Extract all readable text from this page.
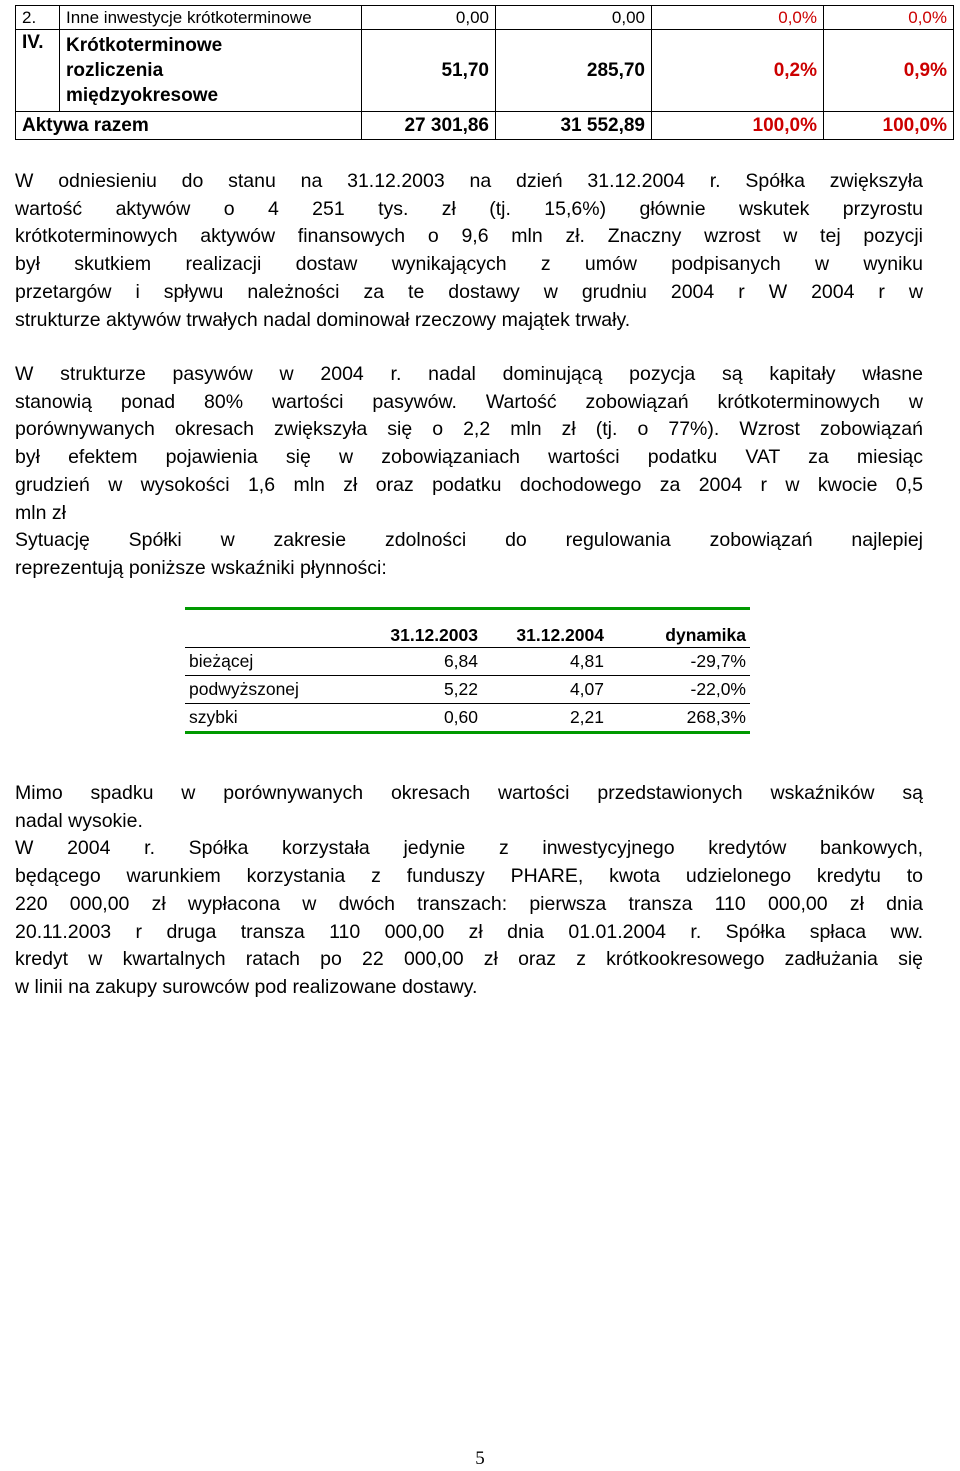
2.	Inne inwestycje krótkoterminowe	0,00	0,00	0,0%	0,0%
IV.	Krótkoterminowe
rozliczenia
międzyokresowe	51,70	285,70	0,2%	0,9%
Aktywa razem		27 301,86	31 552,89	100,0%	100,0%
W odniesieniu do stanu na 31.12.2003 na dzień 31.12.2004 r. Spółka zwiększyła
wartość aktywów o 4 251 tys. zł (tj. 15,6%) głównie wskutek przyrostu
krótkoterminowych aktywów finansowych o 9,6 mln zł. Znaczny wzrost w tej pozycji
był skutkiem realizacji dostaw wynikających z umów podpisanych w wyniku
przetargów i spływu należności za te dostawy w grudniu 2004 r W 2004 r w
strukturze aktywów trwałych nadal dominował rzeczowy majątek trwały.
W strukturze pasywów w 2004 r. nadal dominującą pozycja są kapitały własne
stanowią ponad 80% wartości pasywów. Wartość zobowiązań krótkoterminowych w
porównywanych okresach zwiększyła się o 2,2 mln zł (tj. o 77%). Wzrost zobowiązań
był efektem pojawienia się w zobowiązaniach wartości podatku VAT za miesiąc
grudzień w wysokości 1,6 mln zł oraz podatku dochodowego za 2004 r w kwocie 0,5
mln zł
Sytuację Spółki w zakresie zdolności do regulowania zobowiązań najlepiej
reprezentują poniższe wskaźniki płynności:
	31.12.2003	31.12.2004	dynamika
bieżącej	6,84	4,81	-29,7%
podwyższonej	5,22	4,07	-22,0%
szybki	0,60	2,21	268,3%
Mimo spadku w porównywanych okresach wartości przedstawionych wskaźników są
nadal wysokie.
W 2004 r. Spółka korzystała jedynie z inwestycyjnego kredytów bankowych,
będącego warunkiem korzystania z funduszy PHARE, kwota udzielonego kredytu to
220 000,00 zł wypłacona w dwóch transzach: pierwsza transza 110 000,00 zł dnia
20.11.2003 r druga transza 110 000,00 zł dnia 01.01.2004 r. Spółka spłaca ww.
kredyt w kwartalnych ratach po 22 000,00 zł oraz z krótkookresowego zadłużania się
w linii na zakupy surowców pod realizowane dostawy.
5
